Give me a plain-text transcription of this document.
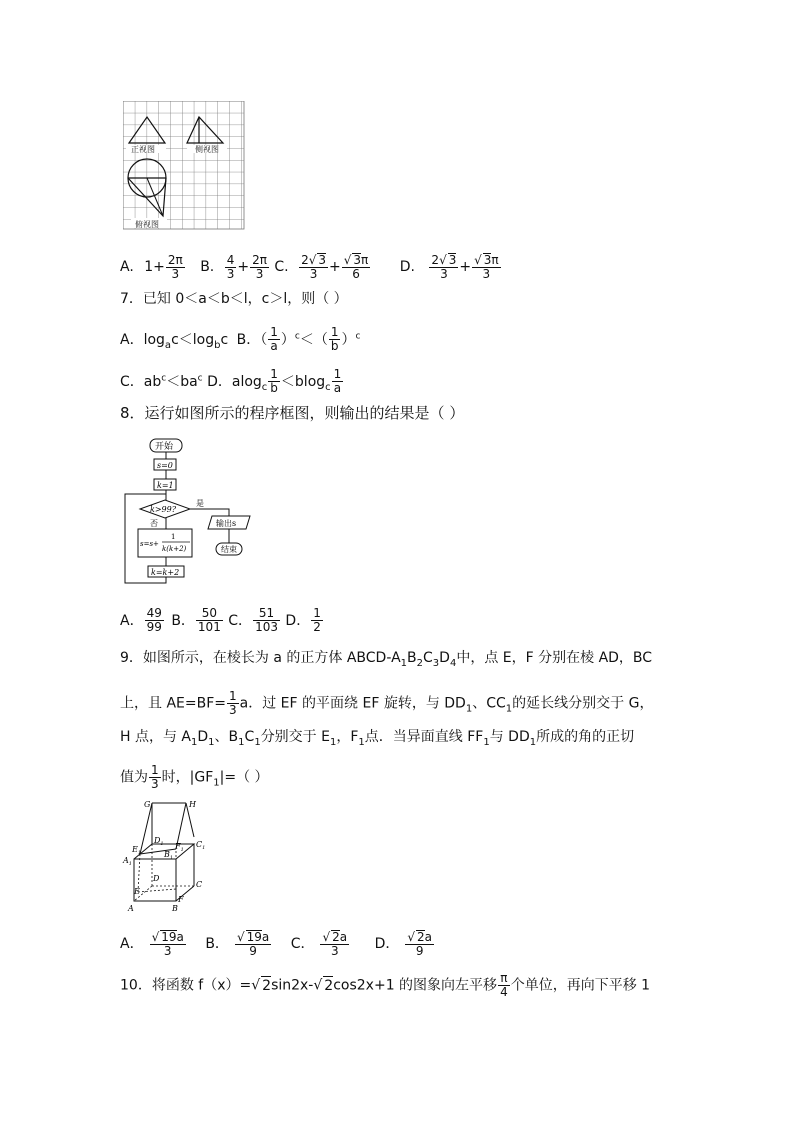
正视图	侧视图
俯视图
A. $1+ \frac{2\pi}{3} B$. $\frac{4}{3} + \frac{2\pi}{3} C$. $\frac{2√ 3}{3} + \frac{√ 3\pi}{6} D$. $\frac{2√ 3}{3} + \frac{√ 3\pi}{3}$
7．已知 0＜a＜b＜l，c＞l，则（ ）
A．$\log_ac<\log_bc$ B．（ $\frac{1}{a} )^c<( \frac{1}{b} )^c$
C．$ab^c<ba^c$ D．$alog_c \frac{1}{b} <blog_c \frac{1}{a}$
8．运行如图所示的程序框图，则输出的结果是（ ）
开始
s=0
k=1
k>99?
是
否	输出s
结束
s=s+
1
k(k+2)
k=k+2
A． $\frac{49}{99}$ B． $\frac{50}{101}$ C． $\frac{51}{103}$ D． $\frac{1}{2}$
9．如图所示，在棱长为 a 的正方体 ABCD-$A_1B_2C_3D_4$中，点 E，F 分别在棱 AD，BC
上，且 $AE=BF= \frac{1}{3}$ a．过 EF 的平面绕 EF 旋转，与 $DD_1$、$CC_1$的延长线分别交于 G，
H 点，与 $A_1D_1$、$B_1C_1$分别交于 $E_1$，$F_1$点．当异面直线 $FF_1$与 $DD_1$所成的角的正切
值为 $\frac{1}{3}$ 时，$|GF_1|=$（ ）
G	H
$D_1$
$E_1$
$F_1$
$C_1$
$A_1$
$B_1$
D
C
E
F
A	B
A． $\frac{√ 19a}{3}$ B． $\frac{√ 19a}{9}$ C． $\frac{√ 2a}{3}$ D． $\frac{√ 2a}{9}$
10．将函数 f（x）=√ 2sin2x-√ 2cos2x+1 的图象向左平移 $\frac{\pi}{4}$ 个单位，再向下平移 1
